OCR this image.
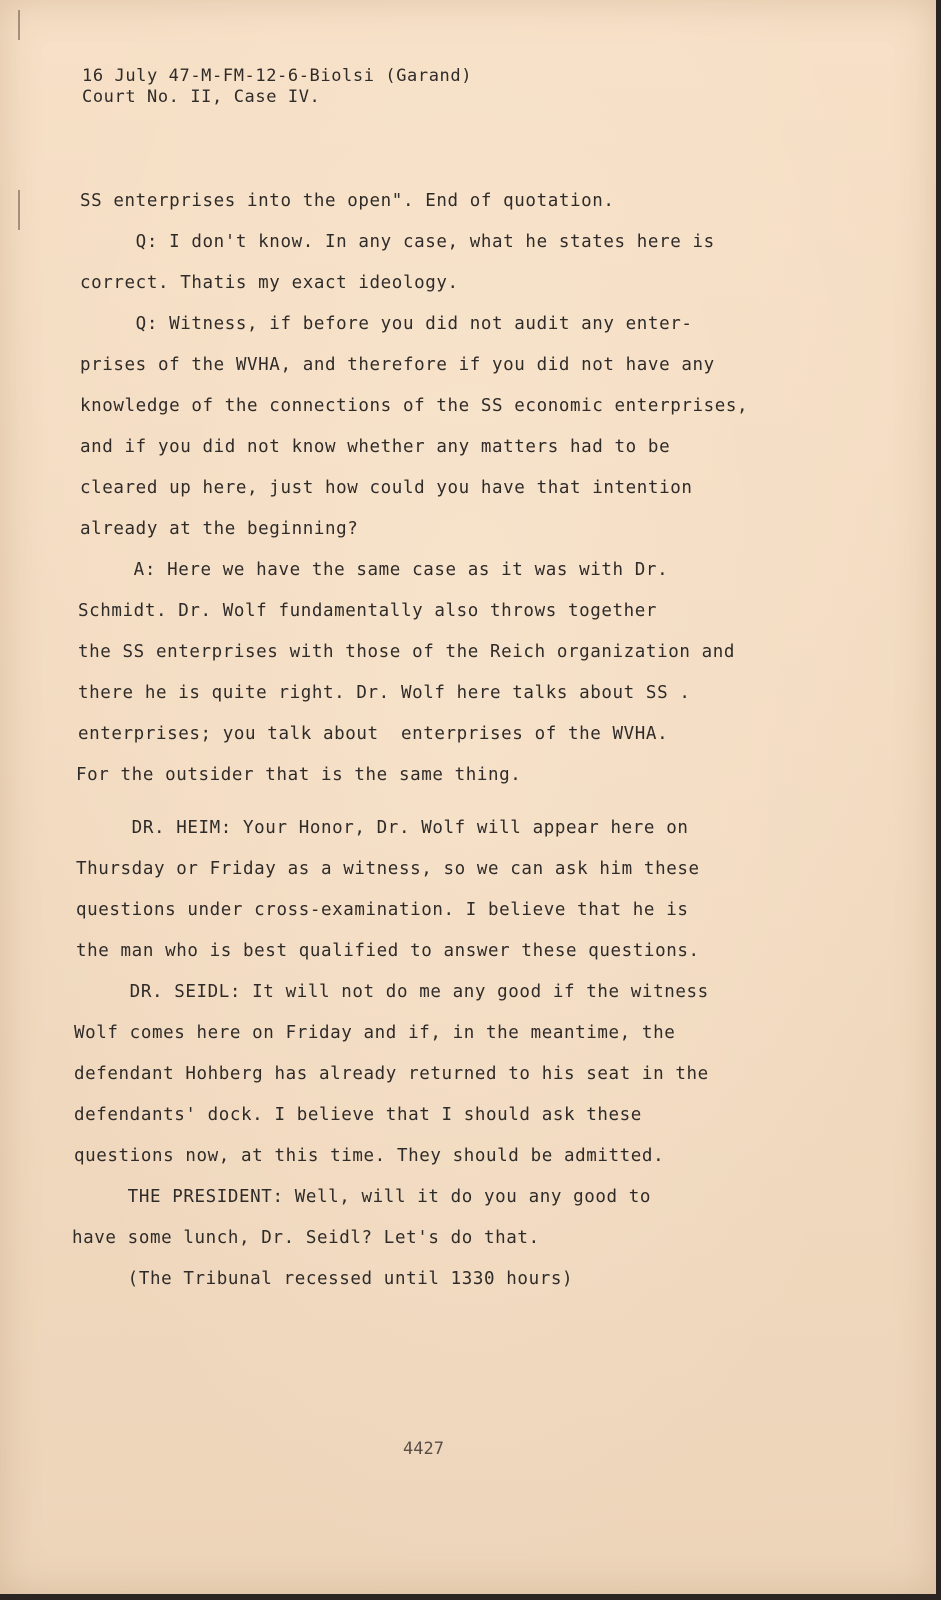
16 July 47-M-FM-12-6-Biolsi (Garand)
Court No. II, Case IV.
SS enterprises into the open". End of quotation.
Q: I don't know. In any case, what he states here is
correct. Thatis my exact ideology.
Q: Witness, if before you did not audit any enter-
prises of the WVHA, and therefore if you did not have any
knowledge of the connections of the SS economic enterprises,
and if you did not know whether any matters had to be
cleared up here, just how could you have that intention
already at the beginning?
A: Here we have the same case as it was with Dr.
Schmidt. Dr. Wolf fundamentally also throws together
the SS enterprises with those of the Reich organization and
there he is quite right. Dr. Wolf here talks about SS .
enterprises; you talk about  enterprises of the WVHA.
For the outsider that is the same thing.
DR. HEIM: Your Honor, Dr. Wolf will appear here on
Thursday or Friday as a witness, so we can ask him these
questions under cross-examination. I believe that he is
the man who is best qualified to answer these questions.
DR. SEIDL: It will not do me any good if the witness
Wolf comes here on Friday and if, in the meantime, the
defendant Hohberg has already returned to his seat in the
defendants' dock. I believe that I should ask these
questions now, at this time. They should be admitted.
THE PRESIDENT: Well, will it do you any good to
have some lunch, Dr. Seidl? Let's do that.
(The Tribunal recessed until 1330 hours)
4427
